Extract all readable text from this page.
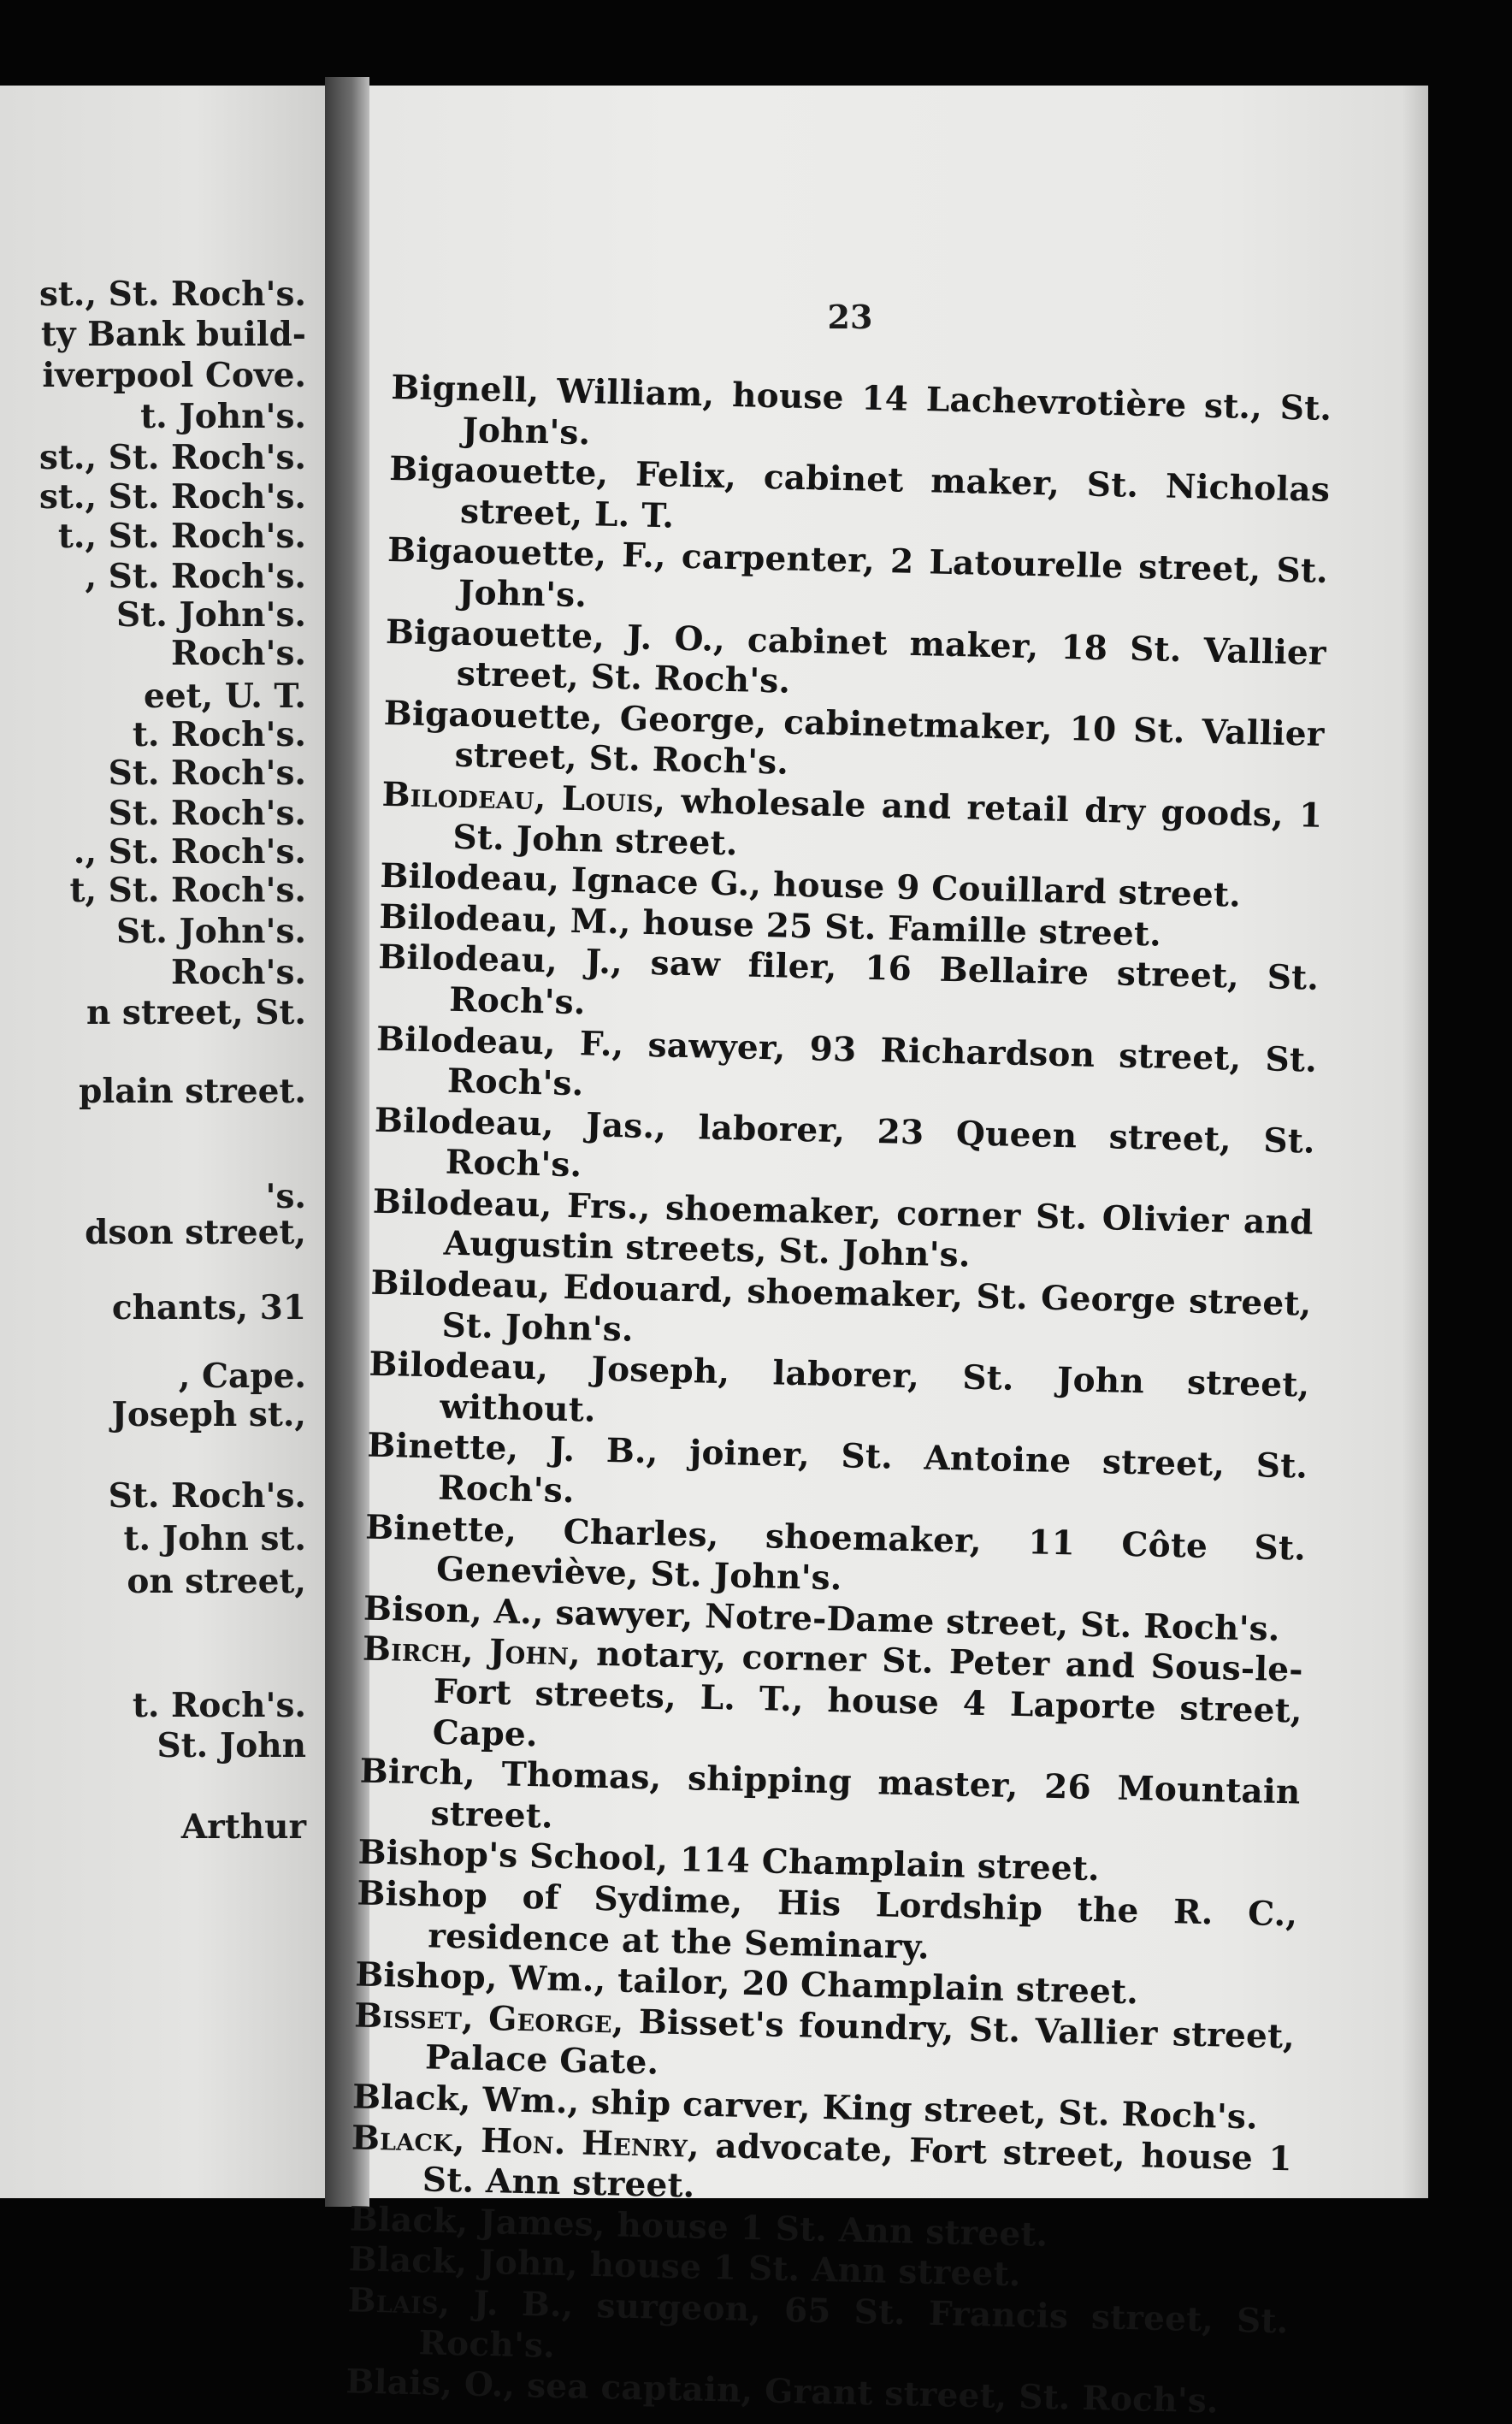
st., St. Roch's.
ty Bank build-
iverpool Cove.
t. John's.
st., St. Roch's.
st., St. Roch's.
t., St. Roch's.
, St. Roch's.
St. John's.
Roch's.
eet, U. T.
t. Roch's.
St. Roch's.
St. Roch's.
., St. Roch's.
t, St. Roch's.
St. John's.
Roch's.
n street, St.
plain street.
's.
dson street,
chants, 31
, Cape.
Joseph st.,
St. Roch's.
t. John st.
on street,
t. Roch's.
St. John
Arthur
23
Bignell, William, house 14 Lachevrotière st., St. John's.
Bigaouette, Felix, cabinet maker, St. Nicholas street, L. T.
Bigaouette, F., carpenter, 2 Latourelle street, St. John's.
Bigaouette, J. O., cabinet maker, 18 St. Vallier street, St. Roch's.
Bigaouette, George, cabinetmaker, 10 St. Vallier street, St. Roch's.
Bilodeau, Louis, wholesale and retail dry goods, 1 St. John street.
Bilodeau, Ignace G., house 9 Couillard street.
Bilodeau, M., house 25 St. Famille street.
Bilodeau, J., saw filer, 16 Bellaire street, St. Roch's.
Bilodeau, F., sawyer, 93 Richardson street, St. Roch's.
Bilodeau, Jas., laborer, 23 Queen street, St. Roch's.
Bilodeau, Frs., shoemaker, corner St. Olivier and Augustin streets, St. John's.
Bilodeau, Edouard, shoemaker, St. George street, St. John's.
Bilodeau, Joseph, laborer, St. John street, without.
Binette, J. B., joiner, St. Antoine street, St. Roch's.
Binette, Charles, shoemaker, 11 Côte St. Geneviève, St. John's.
Bison, A., sawyer, Notre-Dame street, St. Roch's.
Birch, John, notary, corner St. Peter and Sous-le-Fort streets, L. T., house 4 Laporte street, Cape.
Birch, Thomas, shipping master, 26 Mountain street.
Bishop's School, 114 Champlain street.
Bishop of Sydime, His Lordship the R. C., residence at the Seminary.
Bishop, Wm., tailor, 20 Champlain street.
Bisset, George, Bisset's foundry, St. Vallier street, Palace Gate.
Black, Wm., ship carver, King street, St. Roch's.
Black, Hon. Henry, advocate, Fort street, house 1 St. Ann street.
Black, James, house 1 St. Ann street.
Black, John, house 1 St. Ann street.
Blais, J. B., surgeon, 65 St. Francis street, St. Roch's.
Blais, O., sea captain, Grant street, St. Roch's.
